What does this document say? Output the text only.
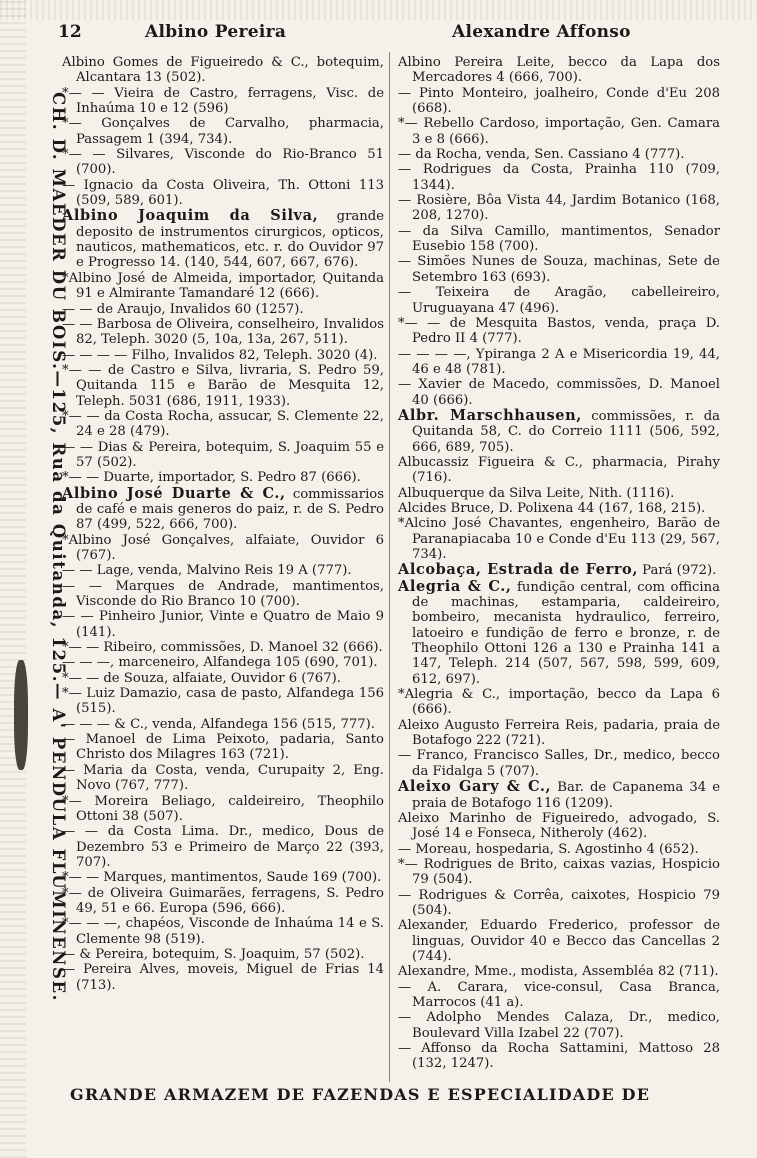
12	Albino Pereira	Alexandre Affonso
CH. D. MAEDER DU BOIS.—125, Rua da Quitanda, 125.— A' PENDULA FLUMINENSE.

Albino Gomes de Figueiredo & C., botequim, Alcantara 13 (502).

*— — Vieira de Castro, ferragens, Visc. de Inhaúma 10 e 12 (596)

*— Gonçalves de Carvalho, pharmacia, Passagem 1 (394, 734).

*— — Silvares, Visconde do Rio-Branco 51 (700).

— Ignacio da Costa Oliveira, Th. Ottoni 113 (509, 589, 601).

Albino Joaquim da Silva, grande deposito de instrumentos cirurgicos, opticos, nauticos, mathematicos, etc. r. do Ouvidor 97 e Progresso 14. (140, 544, 607, 667, 676).

*Albino José de Almeida, importador, Quitanda 91 e Almirante Tamandaré 12 (666).

— — de Araujo, Invalidos 60 (1257).

— — Barbosa de Oliveira, conselheiro, Invalidos 82, Teleph. 3020 (5, 10a, 13a, 267, 511).

— — — — Filho, Invalidos 82, Teleph. 3020 (4).

*— — de Castro e Silva, livraria, S. Pedro 59, Quitanda 115 e Barão de Mesquita 12, Teleph. 5031 (686, 1911, 1933).

*— — da Costa Rocha, assucar, S. Clemente 22, 24 e 28 (479).

— — Dias & Pereira, botequim, S. Joaquim 55 e 57 (502).

*— — Duarte, importador, S. Pedro 87 (666).

Albino José Duarte & C., commissarios de café e mais generos do paiz, r. de S. Pedro 87 (499, 522, 666, 700).

*Albino José Gonçalves, alfaiate, Ouvidor 6 (767).

— — Lage, venda, Malvino Reis 19 A (777).

— — Marques de Andrade, mantimentos, Visconde do Rio Branco 10 (700).

— — Pinheiro Junior, Vinte e Quatro de Maio 9 (141).

*— — Ribeiro, commissões, D. Manoel 32 (666).

— — —, marceneiro, Alfandega 105 (690, 701).

*— — de Souza, alfaiate, Ouvidor 6 (767).

*— Luiz Damazio, casa de pasto, Alfandega 156 (515).

— — — & C., venda, Alfandega 156 (515, 777).

— Manoel de Lima Peixoto, padaria, Santo Christo dos Milagres 163 (721).

— Maria da Costa, venda, Curupaity 2, Eng. Novo (767, 777).

*— Moreira Beliago, caldeireiro, Theophilo Ottoni 38 (507).

— — da Costa Lima. Dr., medico, Dous de Dezembro 53 e Primeiro de Março 22 (393, 707).

*— — Marques, mantimentos, Saude 169 (700).

*— de Oliveira Guimarães, ferragens, S. Pedro 49, 51 e 66. Europa (596, 666).

*— — —, chapéos, Visconde de Inhaúma 14 e S. Clemente 98 (519).

— & Pereira, botequim, S. Joaquim, 57 (502).

— Pereira Alves, moveis, Miguel de Frias 14 (713).

Albino Pereira Leite, becco da Lapa dos Mercadores 4 (666, 700).

— Pinto Monteiro, joalheiro, Conde d'Eu 208 (668).

*— Rebello Cardoso, importação, Gen. Camara 3 e 8 (666).

— da Rocha, venda, Sen. Cassiano 4 (777).

— Rodrigues da Costa, Prainha 110 (709, 1344).

— Rosière, Bôa Vista 44, Jardim Botanico (168, 208, 1270).

— da Silva Camillo, mantimentos, Senador Eusebio 158 (700).

— Simões Nunes de Souza, machinas, Sete de Setembro 163 (693).

— Teixeira de Aragão, cabelleireiro, Uruguayana 47 (496).

*— — de Mesquita Bastos, venda, praça D. Pedro II 4 (777).

— — — —, Ypiranga 2 A e Misericordia 19, 44, 46 e 48 (781).

— Xavier de Macedo, commissões, D. Manoel 40 (666).

Albr. Marschhausen, commissões, r. da Quitanda 58, C. do Correio 1111 (506, 592, 666, 689, 705).

Albucassiz Figueira & C., pharmacia, Pirahy (716).

Albuquerque da Silva Leite, Nith. (1116).

Alcides Bruce, D. Polixena 44 (167, 168, 215).

*Alcino José Chavantes, engenheiro, Barão de Paranapiacaba 10 e Conde d'Eu 113 (29, 567, 734).

Alcobaça, Estrada de Ferro, Pará (972).

Alegria & C., fundição central, com officina de machinas, estamparia, caldeireiro, bombeiro, mecanista hydraulico, ferreiro, latoeiro e fundição de ferro e bronze, r. de Theophilo Ottoni 126 a 130 e Prainha 141 a 147, Teleph. 214 (507, 567, 598, 599, 609, 612, 697).

*Alegria & C., importação, becco da Lapa 6 (666).

Aleixo Augusto Ferreira Reis, padaria, praia de Botafogo 222 (721).

— Franco, Francisco Salles, Dr., medico, becco da Fidalga 5 (707).

Aleixo Gary & C., Bar. de Capanema 34 e praia de Botafogo 116 (1209).

Aleixo Marinho de Figueiredo, advogado, S. José 14 e Fonseca, Nitheroly (462).

— Moreau, hospedaria, S. Agostinho 4 (652).

*— Rodrigues de Brito, caixas vazias, Hospicio 79 (504).

— Rodrigues & Corrêa, caixotes, Hospicio 79 (504).

Alexander, Eduardo Frederico, professor de linguas, Ouvidor 40 e Becco das Cancellas 2 (744).

Alexandre, Mme., modista, Assembléa 82 (711).

— A. Carara, vice-consul, Casa Branca, Marrocos (41 a).

— Adolpho Mendes Calaza, Dr., medico, Boulevard Villa Izabel 22 (707).

— Affonso da Rocha Sattamini, Mattoso 28 (132, 1247).

GRANDE ARMAZEM DE FAZENDAS E ESPECIALIDADE DE
